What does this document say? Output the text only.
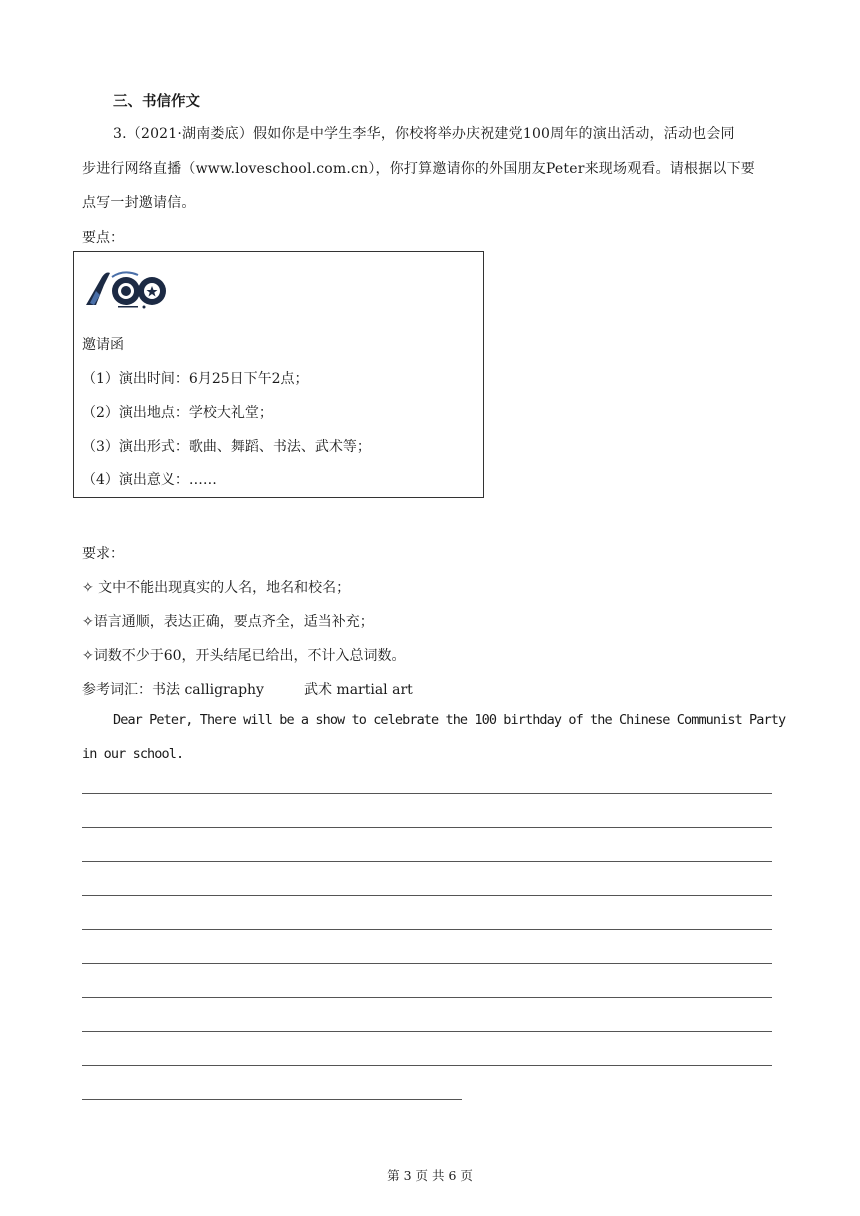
三、书信作文
3.（2021·湖南娄底）假如你是中学生李华，你校将举办庆祝建党100周年的演出活动，活动也会同
步进行网络直播（www.loveschool.com.cn），你打算邀请你的外国朋友Peter来现场观看。请根据以下要
点写一封邀请信。
要点：
邀请函
（1）演出时间：6月25日下午2点；
（2）演出地点：学校大礼堂；
（3）演出形式：歌曲、舞蹈、书法、武术等；
（4）演出意义：……
要求：
✧ 文中不能出现真实的人名，地名和校名；
✧语言通顺，表达正确，要点齐全，适当补充；
✧词数不少于60，开头结尾已给出，不计入总词数。
参考词汇：书法 calligraphy	武术 martial art
Dear Peter, There will be a show to celebrate the 100 birthday of the Chinese Communist Party
in our school.
第 3 页 共 6 页
